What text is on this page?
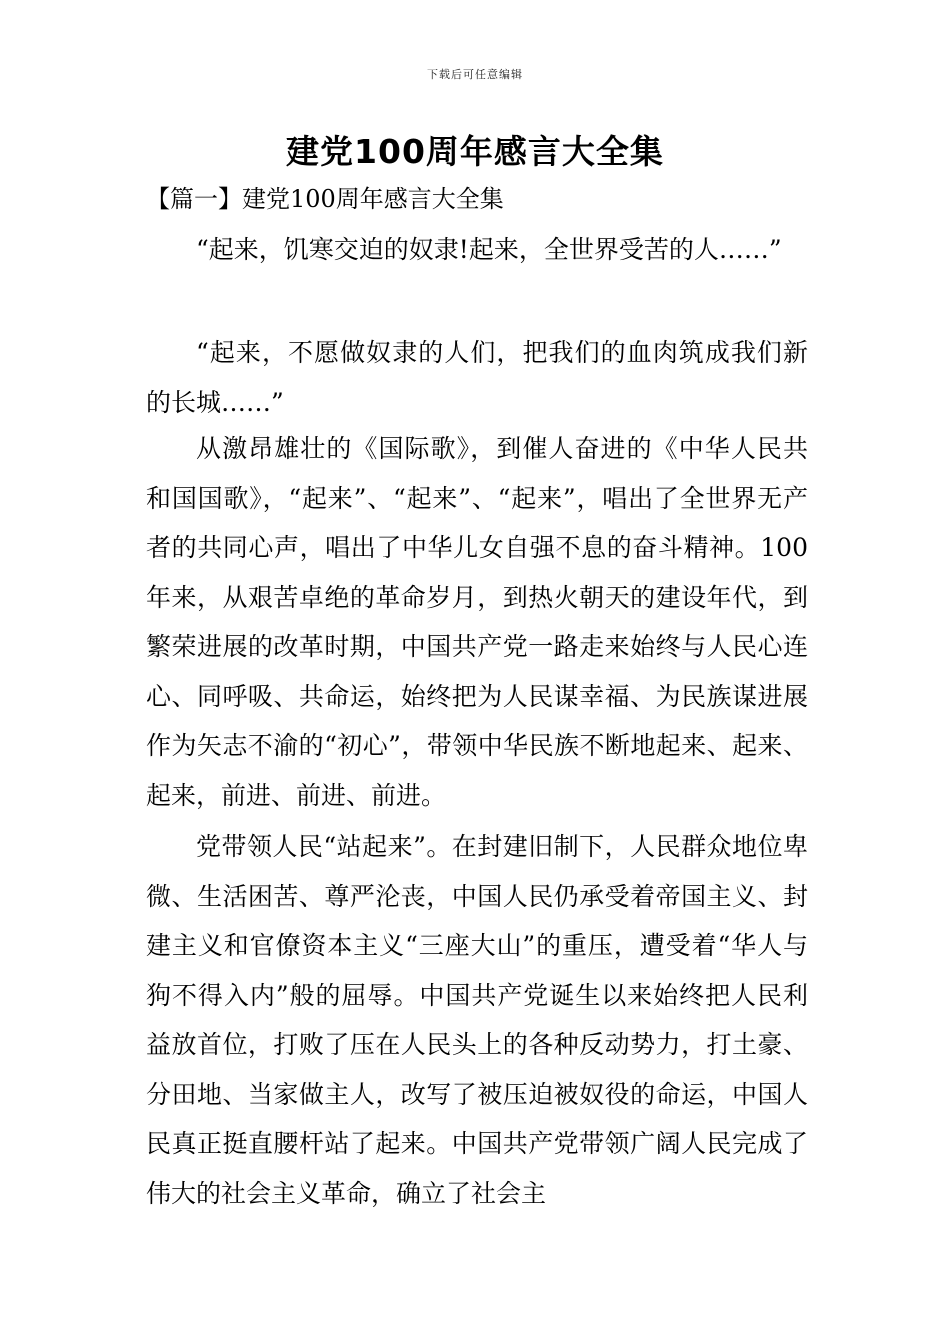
下载后可任意编辑
建党100周年感言大全集
【篇一】建党100周年感言大全集

“起来，饥寒交迫的奴隶!起来，全世界受苦的人……”

“起来，不愿做奴隶的人们，把我们的血肉筑成我们新的长城……”

从激昂雄壮的《国际歌》，到催人奋进的《中华人民共和国国歌》，“起来”、“起来”、“起来”，唱出了全世界无产者的共同心声，唱出了中华儿女自强不息的奋斗精神。100年来，从艰苦卓绝的革命岁月，到热火朝天的建设年代，到繁荣进展的改革时期，中国共产党一路走来始终与人民心连心、同呼吸、共命运，始终把为人民谋幸福、为民族谋进展作为矢志不渝的“初心”，带领中华民族不断地起来、起来、起来，前进、前进、前进。

党带领人民“站起来”。在封建旧制下，人民群众地位卑微、生活困苦、尊严沦丧，中国人民仍承受着帝国主义、封建主义和官僚资本主义“三座大山”的重压，遭受着“华人与狗不得入内”般的屈辱。中国共产党诞生以来始终把人民利益放首位，打败了压在人民头上的各种反动势力，打土豪、分田地、当家做主人，改写了被压迫被奴役的命运，中国人民真正挺直腰杆站了起来。中国共产党带领广阔人民完成了伟大的社会主义革命，确立了社会主
